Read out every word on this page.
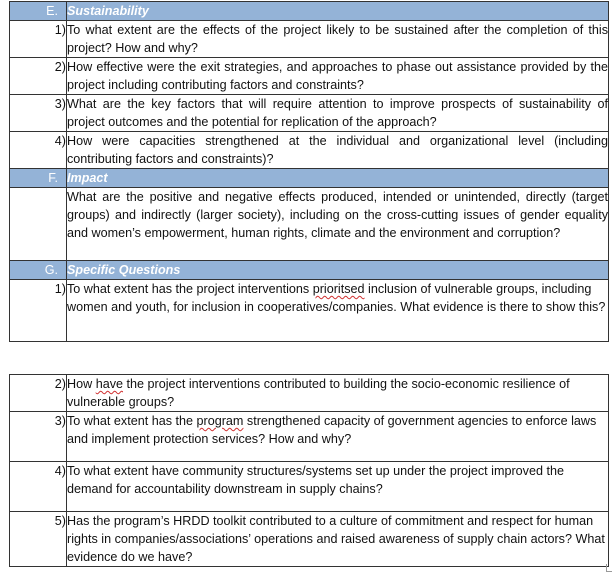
E.	Sustainability
1)	To what extent are the effects of the project likely to be sustained after the completion of this project? How and why?
2)	How effective were the exit strategies, and approaches to phase out assistance provided by the project including contributing factors and constraints?
3)	What are the key factors that will require attention to improve prospects of sustainability of project outcomes and the potential for replication of the approach?
4)	How were capacities strengthened at the individual and organizational level (including contributing factors and constraints)?
F.	Impact
	What are the positive and negative effects produced, intended or unintended, directly (target groups) and indirectly (larger society), including on the cross-cutting issues of gender equality and women’s empowerment, human rights, climate and the environment and corruption?
G.	Specific Questions
1)	To what extent has the project interventions prioritsed inclusion of vulnerable groups, including women and youth, for inclusion in cooperatives/companies. What evidence is there to show this?
2)	How have the project interventions contributed to building the socio-economic resilience of vulnerable groups?
3)	To what extent has the program strengthened capacity of government agencies to enforce laws and implement protection services? How and why?
4)	To what extent have community structures/systems set up under the project improved the demand for accountability downstream in supply chains?
5)	Has the program’s HRDD toolkit contributed to a culture of commitment and respect for human rights in companies/associations’ operations and raised awareness of supply chain actors? What evidence do we have?
